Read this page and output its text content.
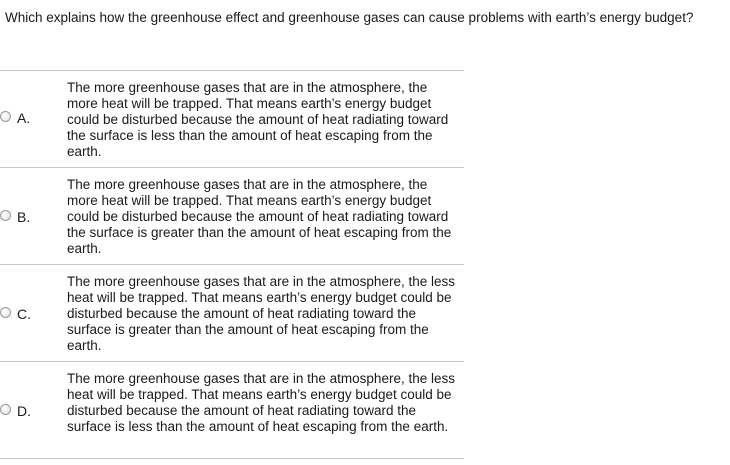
Which explains how the greenhouse effect and greenhouse gases can cause problems with earth’s energy budget?
A.
The more greenhouse gases that are in the atmosphere, the more heat will be trapped. That means earth’s energy budget could be disturbed because the amount of heat radiating toward the surface is less than the amount of heat escaping from the earth.
B.
The more greenhouse gases that are in the atmosphere, the more heat will be trapped. That means earth’s energy budget could be disturbed because the amount of heat radiating toward the surface is greater than the amount of heat escaping from the earth.
C.
The more greenhouse gases that are in the atmosphere, the less heat will be trapped. That means earth’s energy budget could be disturbed because the amount of heat radiating toward the surface is greater than the amount of heat escaping from the earth.
D.
The more greenhouse gases that are in the atmosphere, the less heat will be trapped. That means earth’s energy budget could be disturbed because the amount of heat radiating toward the surface is less than the amount of heat escaping from the earth.
